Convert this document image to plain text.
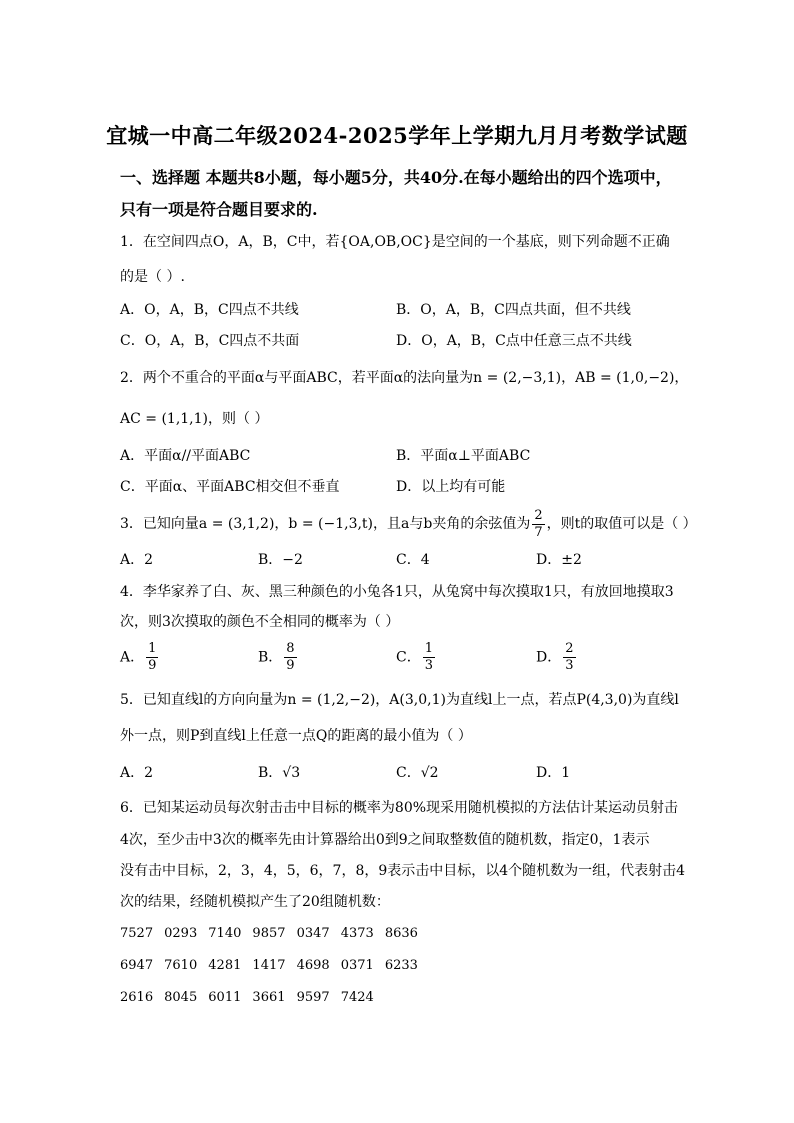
宜城一中高二年级2024-2025学年上学期九月月考数学试题
一、选择题 本题共8小题，每小题5分，共40分.在每小题给出的四个选项中，
只有一项是符合题目要求的.
1．在空间四点O，A，B，C中，若{OA,OB,OC}是空间的一个基底，则下列命题不正确
的是（ ）.
A．O，A，B，C四点不共线	B．O，A，B，C四点共面，但不共线
C．O，A，B，C四点不共面	D．O，A，B，C点中任意三点不共线
2．两个不重合的平面α与平面ABC，若平面α的法向量为n = (2,−3,1)，AB = (1,0,−2)，
AC = (1,1,1)，则（ ）
A．平面α//平面ABC	B．平面α⊥平面ABC
C．平面α、平面ABC相交但不垂直	D．以上均有可能
3．已知向量a = (3,1,2)，b = (−1,3,t)，且a与b夹角的余弦值为 $\frac{2}{7}$ ，则t的取值可以是（ ）
A．2	B．−2	C．4	D．±2
4．李华家养了白、灰、黑三种颜色的小兔各1只，从兔窝中每次摸取1只，有放回地摸取3
次，则3次摸取的颜色不全相同的概率为（ ）
A． $\frac{1}{9}$	B． $\frac{8}{9}$	C． $\frac{1}{3}$	D． $\frac{2}{3}$
5．已知直线l的方向向量为n = (1,2,−2)，A(3,0,1)为直线l上一点，若点P(4,3,0)为直线l
外一点，则P到直线l上任意一点Q的距离的最小值为（ ）
A．2	B．√3	C．√2	D．1
6．已知某运动员每次射击击中目标的概率为80%现采用随机模拟的方法估计某运动员射击
4次，至少击中3次的概率先由计算器给出0到9之间取整数值的随机数，指定0，1表示
没有击中目标，2，3，4，5，6，7，8，9表示击中目标，以4个随机数为一组，代表射击4
次的结果，经随机模拟产生了20组随机数：
7527 0293 7140 9857 0347 4373 8636
6947 7610 4281 1417 4698 0371 6233
2616 8045 6011 3661 9597 7424
